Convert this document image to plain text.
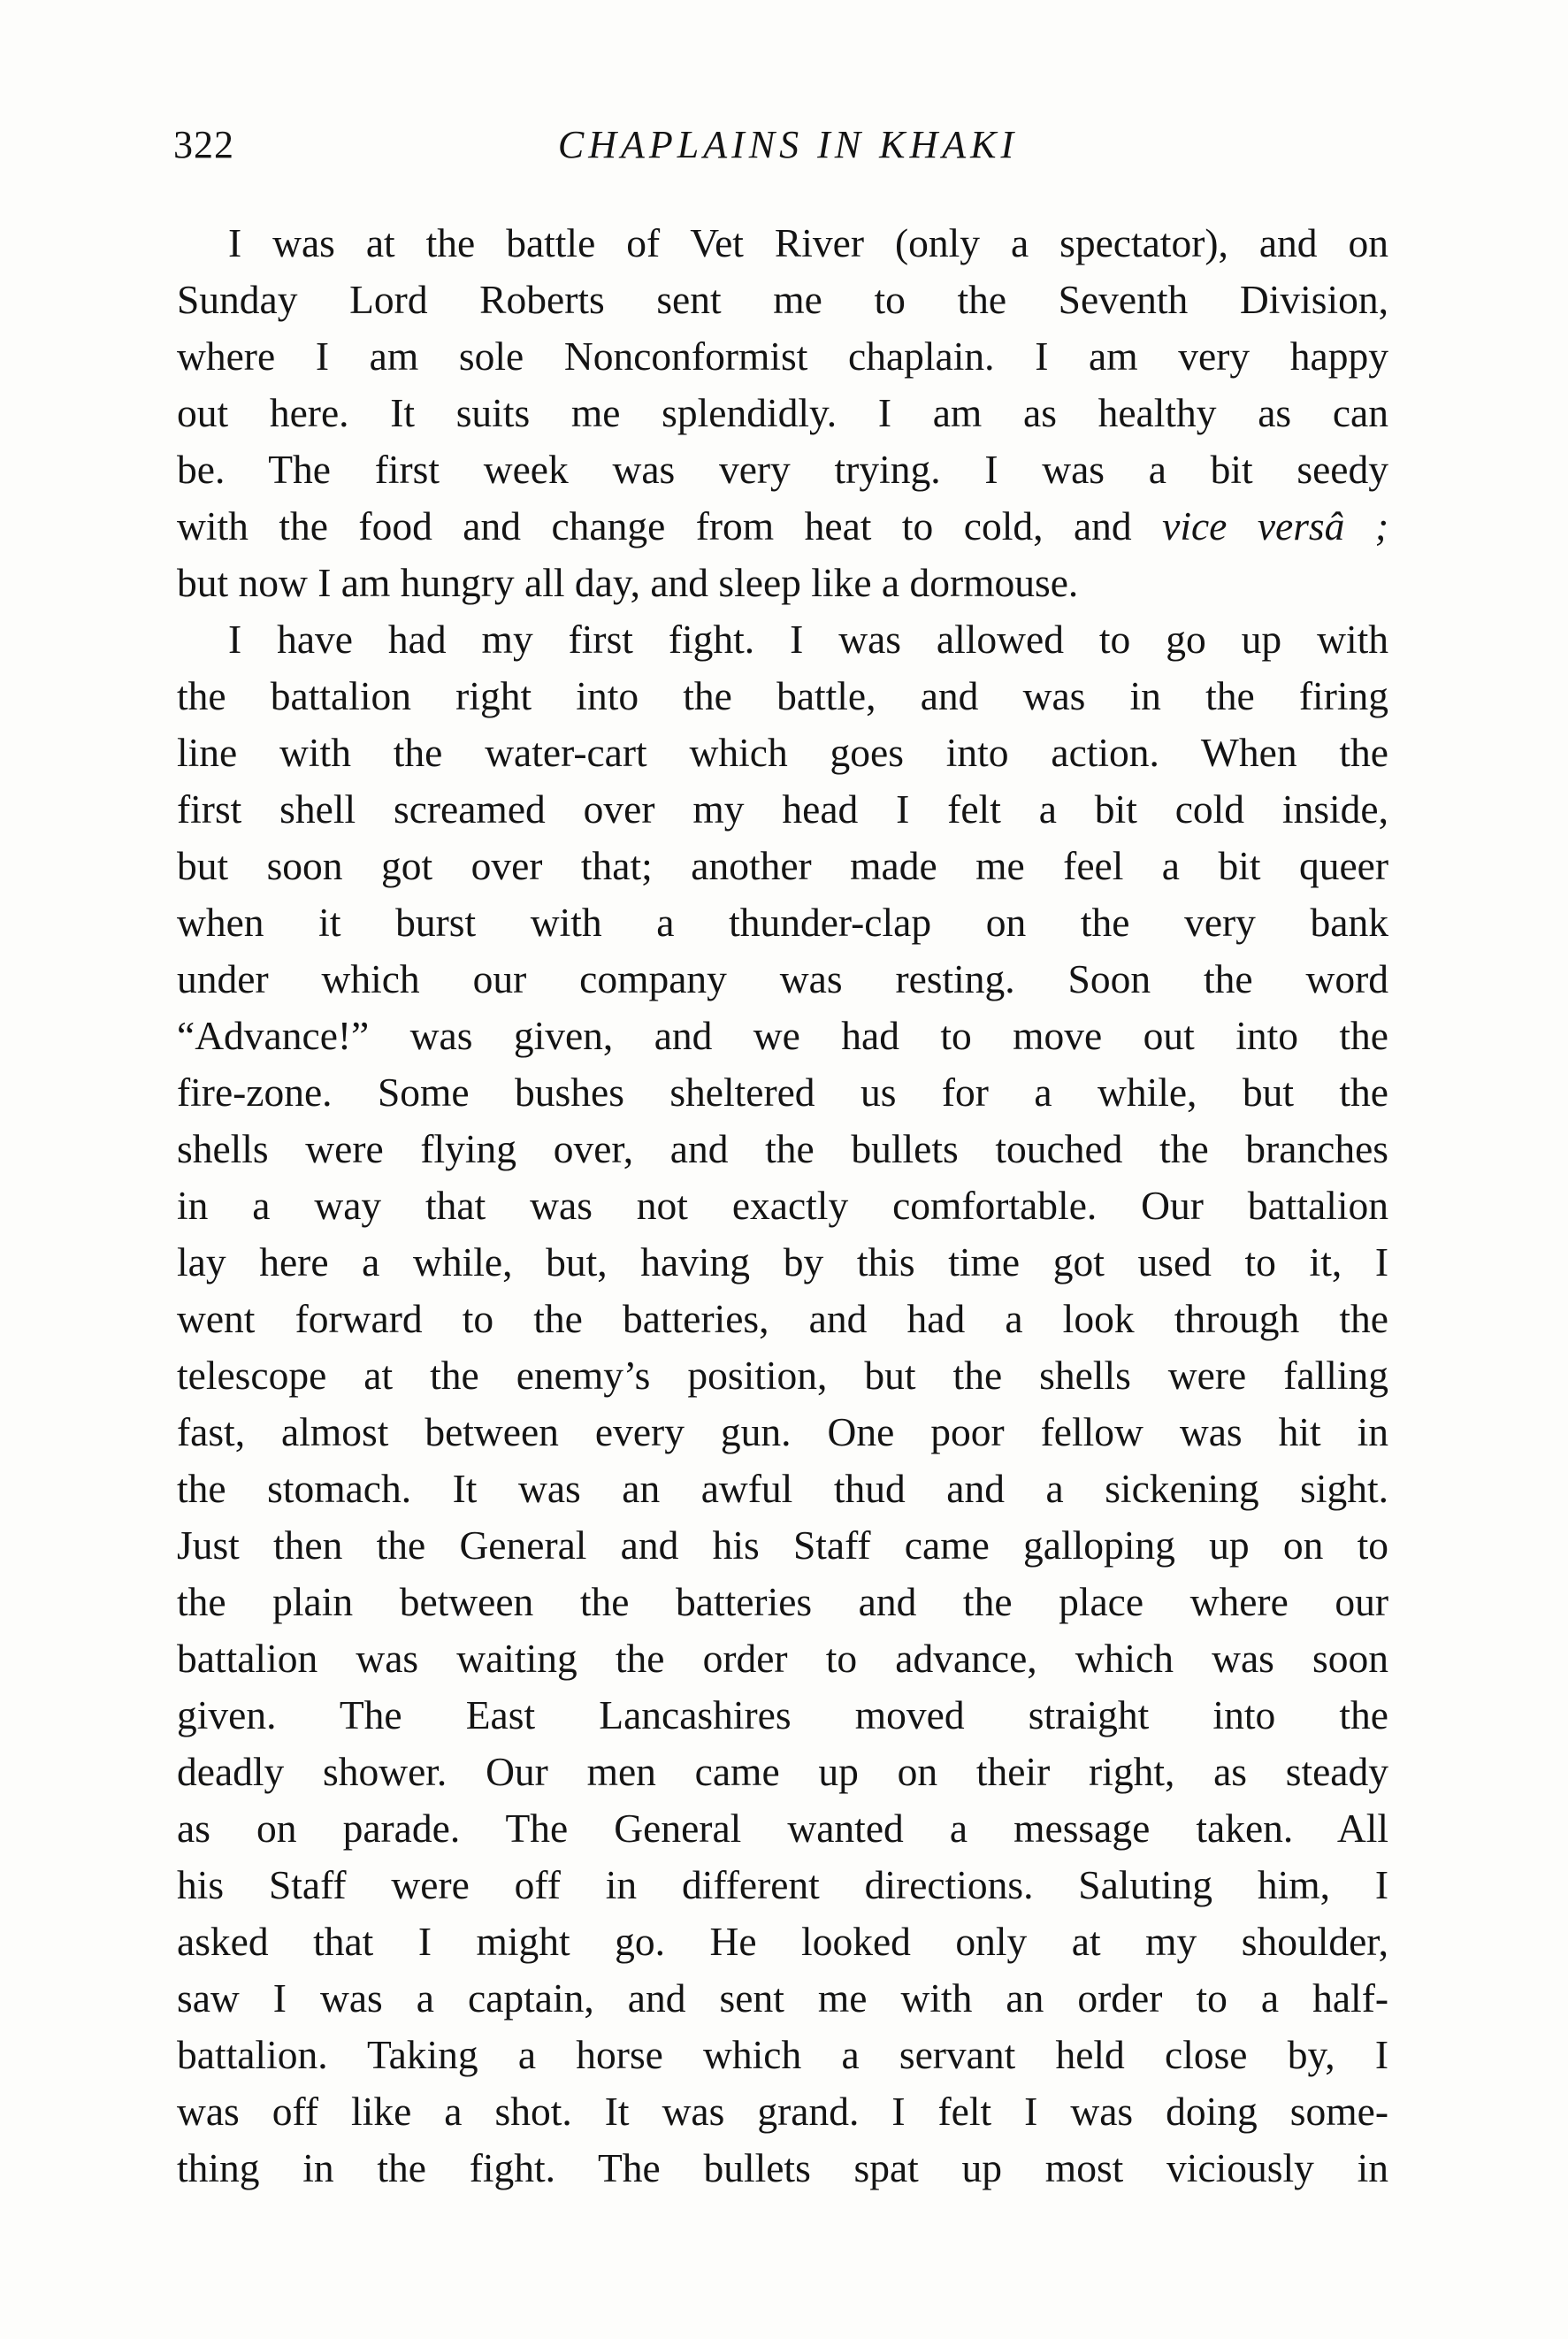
322	CHAPLAINS IN KHAKI
I was at the battle of Vet River (only a spectator), and on
Sunday Lord Roberts sent me to the Seventh Division,
where I am sole Nonconformist chaplain. I am very happy
out here. It suits me splendidly. I am as healthy as can
be. The first week was very trying. I was a bit seedy
with the food and change from heat to cold, and vice versâ ;
but now I am hungry all day, and sleep like a dormouse.
I have had my first fight. I was allowed to go up with
the battalion right into the battle, and was in the firing
line with the water-cart which goes into action. When the
first shell screamed over my head I felt a bit cold inside,
but soon got over that; another made me feel a bit queer
when it burst with a thunder-clap on the very bank
under which our company was resting. Soon the word
“Advance!” was given, and we had to move out into the
fire-zone. Some bushes sheltered us for a while, but the
shells were flying over, and the bullets touched the branches
in a way that was not exactly comfortable. Our battalion
lay here a while, but, having by this time got used to it, I
went forward to the batteries, and had a look through the
telescope at the enemy’s position, but the shells were falling
fast, almost between every gun. One poor fellow was hit in
the stomach. It was an awful thud and a sickening sight.
Just then the General and his Staff came galloping up on to
the plain between the batteries and the place where our
battalion was waiting the order to advance, which was soon
given. The East Lancashires moved straight into the
deadly shower. Our men came up on their right, as steady
as on parade. The General wanted a message taken. All
his Staff were off in different directions. Saluting him, I
asked that I might go. He looked only at my shoulder,
saw I was a captain, and sent me with an order to a half-
battalion. Taking a horse which a servant held close by, I
was off like a shot. It was grand. I felt I was doing some-
thing in the fight. The bullets spat up most viciously in
